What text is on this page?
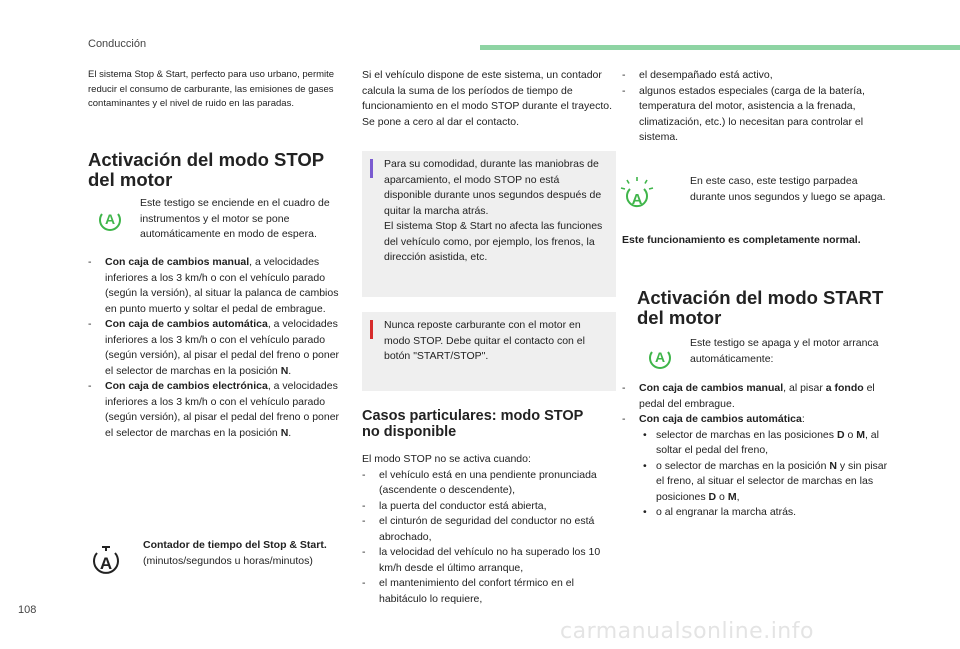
Conducción
El sistema Stop & Start, perfecto para uso urbano, permite reducir el consumo de carburante, las emisiones de gases contaminantes y el nivel de ruido en las paradas.
Activación del modo STOP
del motor
A
Este testigo se enciende en el cuadro de instrumentos y el motor se pone automáticamente en modo de espera.
- Con caja de cambios manual, a velocidades inferiores a los 3 km/h o con el vehículo parado (según la versión), al situar la palanca de cambios en punto muerto y soltar el pedal de embrague.
- Con caja de cambios automática, a velocidades inferiores a los 3 km/h o con el vehículo parado (según versión), al pisar el pedal del freno o poner el selector de marchas en la posición N.
- Con caja de cambios electrónica, a velocidades inferiores a los 3 km/h o con el vehículo parado (según versión), al pisar el pedal del freno o poner el selector de marchas en la posición N.
A
Contador de tiempo del Stop & Start.
(minutos/segundos u horas/minutos)
Si el vehículo dispone de este sistema, un contador calcula la suma de los períodos de tiempo de funcionamiento en el modo STOP durante el trayecto.
Se pone a cero al dar el contacto.
Para su comodidad, durante las maniobras de aparcamiento, el modo STOP no está disponible durante unos segundos después de quitar la marcha atrás.
El sistema Stop & Start no afecta las funciones del vehículo como, por ejemplo, los frenos, la dirección asistida, etc.
Nunca reposte carburante con el motor en modo STOP. Debe quitar el contacto con el botón "START/STOP".
Casos particulares: modo STOP
no disponible
El modo STOP no se activa cuando:
- el vehículo está en una pendiente pronunciada (ascendente o descendente),
- la puerta del conductor está abierta,
- el cinturón de seguridad del conductor no está abrochado,
- la velocidad del vehículo no ha superado los 10 km/h desde el último arranque,
- el mantenimiento del confort térmico en el habitáculo lo requiere,
- el desempañado está activo,
- algunos estados especiales (carga de la batería, temperatura del motor, asistencia a la frenada, climatización, etc.) lo necesitan para controlar el sistema.
A
En este caso, este testigo parpadea durante unos segundos y luego se apaga.
Este funcionamiento es completamente normal.
Activación del modo START
del motor
A
Este testigo se apaga y el motor arranca automáticamente:
- Con caja de cambios manual, al pisar a fondo el pedal del embrague.
- Con caja de cambios automática:
• selector de marchas en las posiciones D o M, al soltar el pedal del freno,
• o selector de marchas en la posición N y sin pisar el freno, al situar el selector de marchas en las posiciones D o M,
• o al engranar la marcha atrás.
108
carmanualsonline.info
